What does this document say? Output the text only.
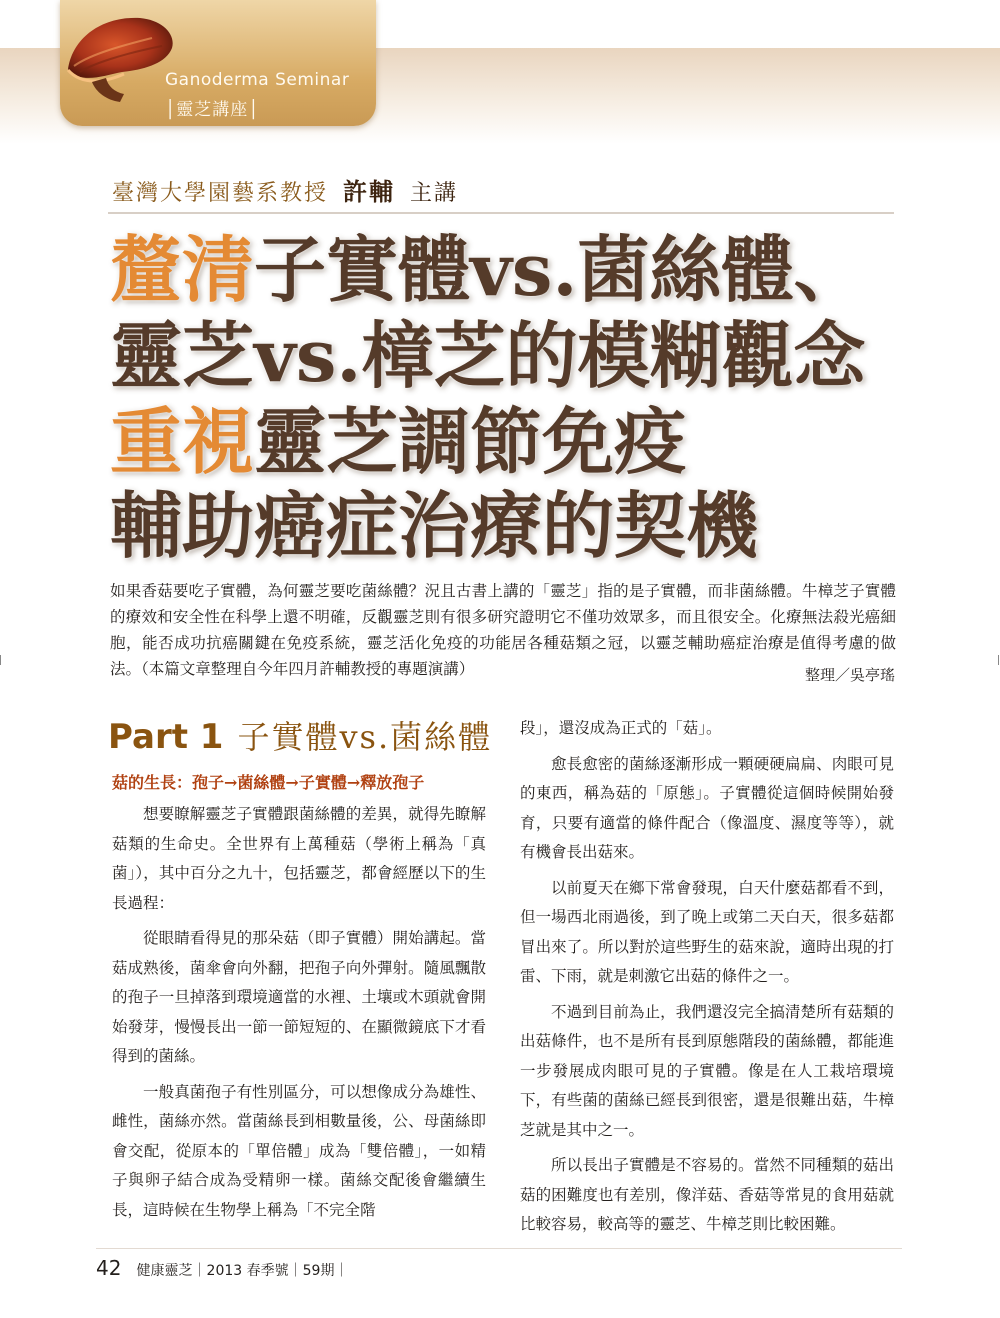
Ganoderma Seminar
│靈芝講座│
臺灣大學園藝系教授 許輔 主講
釐清子實體vs.菌絲體、
靈芝vs.樟芝的模糊觀念
重視靈芝調節免疫
輔助癌症治療的契機
如果香菇要吃子實體，為何靈芝要吃菌絲體？況且古書上講的「靈芝」指的是子實體，而非菌絲體。牛樟芝子實體的療效和安全性在科學上還不明確，反觀靈芝則有很多研究證明它不僅功效眾多，而且很安全。化療無法殺光癌細胞，能否成功抗癌關鍵在免疫系統，靈芝活化免疫的功能居各種菇類之冠，以靈芝輔助癌症治療是值得考慮的做法。（本篇文章整理自今年四月許輔教授的專題演講）	整理／吳亭瑤
Part 1 子實體vs.菌絲體
菇的生長：孢子→菌絲體→子實體→釋放孢子

想要瞭解靈芝子實體跟菌絲體的差異，就得先瞭解菇類的生命史。全世界有上萬種菇（學術上稱為「真菌」），其中百分之九十，包括靈芝，都會經歷以下的生長過程：

從眼睛看得見的那朵菇（即子實體）開始講起。當菇成熟後，菌傘會向外翻，把孢子向外彈射。隨風飄散的孢子一旦掉落到環境適當的水裡、土壤或木頭就會開始發芽，慢慢長出一節一節短短的、在顯微鏡底下才看得到的菌絲。

一般真菌孢子有性別區分，可以想像成分為雄性、雌性，菌絲亦然。當菌絲長到相數量後，公、母菌絲即會交配，從原本的「單倍體」成為「雙倍體」，一如精子與卵子結合成為受精卵一樣。菌絲交配後會繼續生長，這時候在生物學上稱為「不完全階

段」，還沒成為正式的「菇」。

愈長愈密的菌絲逐漸形成一顆硬硬扁扁、肉眼可見的東西，稱為菇的「原態」。子實體從這個時候開始發育，只要有適當的條件配合（像溫度、濕度等等），就有機會長出菇來。

以前夏天在鄉下常會發現，白天什麼菇都看不到，但一場西北雨過後，到了晚上或第二天白天，很多菇都冒出來了。所以對於這些野生的菇來說，適時出現的打雷、下雨，就是刺激它出菇的條件之一。

不過到目前為止，我們還沒完全搞清楚所有菇類的出菇條件，也不是所有長到原態階段的菌絲體，都能進一步發展成肉眼可見的子實體。像是在人工栽培環境下，有些菌的菌絲已經長到很密，還是很難出菇，牛樟芝就是其中之一。

所以長出子實體是不容易的。當然不同種類的菇出菇的困難度也有差別，像洋菇、香菇等常見的食用菇就比較容易，較高等的靈芝、牛樟芝則比較困難。

42 健康靈芝｜2013 春季號｜59期｜
